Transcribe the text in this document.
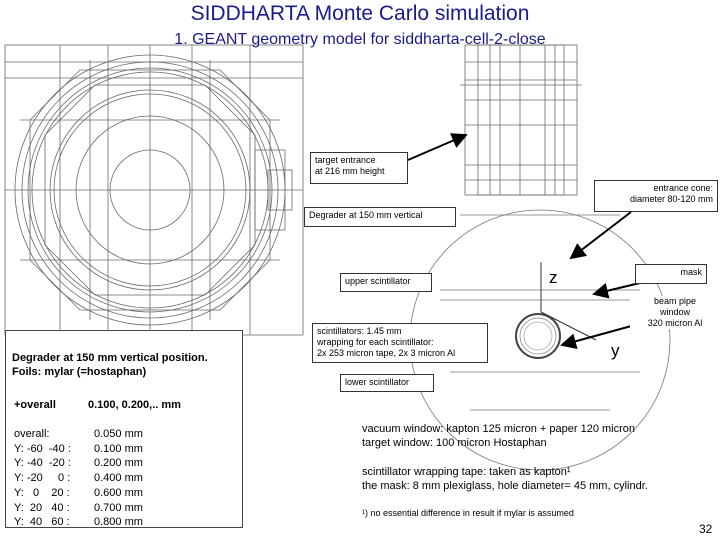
SIDDHARTA Monte Carlo simulation
1. GEANT geometry model for siddharta-cell-2-close
target entrance
at 216 mm height
entrance cone:
diameter 80-120 mm
Degrader at 150 mm vertical
upper scintillator
mask
beam pipe
window
320 micron Al
scintillators: 1.45 mm
wrapping for each scintillator:
2x 253 micron tape, 2x 3 micron Al
lower scintillator
z
y
Degrader at 150 mm vertical position.
Foils: mylar (=hostaphan)
+overall	0.100, 0.200,.. mm
overall:
Y: -60  -40 :
Y: -40  -20 :
Y: -20     0 :
Y:   0    20 :
Y:  20   40 :
Y:  40   60 :
0.050 mm
0.100 mm
0.200 mm
0.400 mm
0.600 mm
0.700 mm
0.800 mm
vacuum window: kapton 125 micron + paper 120 micron
target window: 100 micron Hostaphan
scintillator wrapping tape: taken as kapton¹
the mask: 8 mm plexiglass, hole diameter= 45 mm, cylindr.
¹) no essential difference in result if mylar is assumed
32
